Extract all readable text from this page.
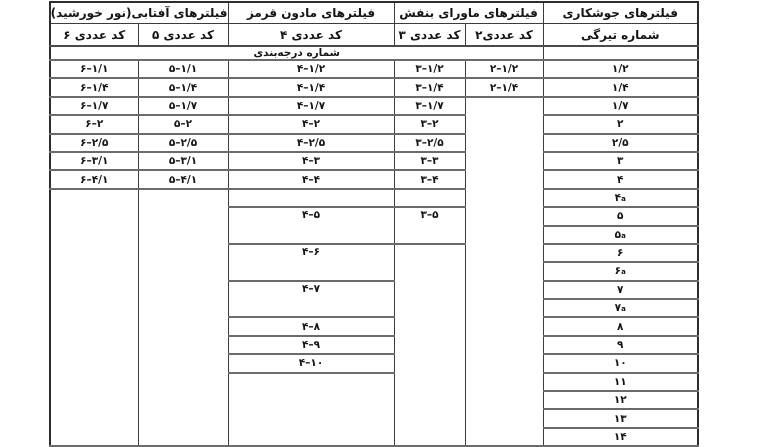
فیلترهای جوشکاری	فیلترهای ماورای بنفش		فیلترهای مادون قرمز	فیلترهای آفتابی(نور خورشید)	
شماره تیرگی	کد عددی۲	کد عددی ۳	کد عددی ۴	کد عددی ۵	کد عددی ۶
	شماره درجه‌بندی				
۱/۲	۲–۱/۲	۳–۱/۲	۴–۱/۲	۵–۱/۱	۶–۱/۱
۱/۴	۲–۱/۴	۳–۱/۴	۴–۱/۴	۵–۱/۴	۶–۱/۴
۱/۷		۳–۱/۷	۴–۱/۷	۵–۱/۷	۶–۱/۷
۲		۳–۲	۴–۲	۵–۲	۶–۲
۲/۵		۳–۲/۵	۴–۲/۵	۵–۲/۵	۶–۲/۵
۳		۳–۳	۴–۳	۵–۳/۱	۶–۳/۱
۴		۳–۴	۴–۴	۵–۴/۱	۶–۴/۱
۴a					
۵		۳–۵	۴–۵		
۵a					
۶			۴–۶		
۶a					
۷			۴–۷		
۷a					
۸			۴–۸		
۹			۴–۹		
۱۰			۴–۱۰		
۱۱					
۱۲					
۱۳					
۱۴					
